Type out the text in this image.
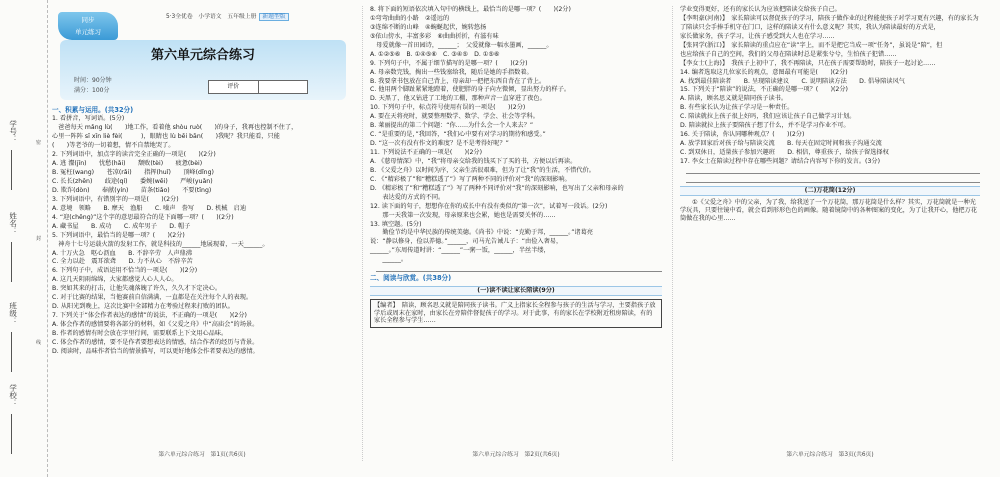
学号：
姓名：
班级：
学校：
密
封
线
同步
单元练习
5·3全优卷　小学语文　五年级上册 新题型版
第六单元综合练习
时间：90分钟
满分：100分
评价
一、积累与运用。(共32分)
1. 看拼音，写词语。(5分)
　爸爸每天 mǎng lù(　　)地工作，看着他 shòu ruò(　　)的身子，我再也控制不住了，
心里一阵阵 sī xīn liè fèi(　　　)，眼睛也 lù bēi bān(　　)我呢？我只能看，只能
(　　)等老爷的一切着想，情不自禁地哭了。
2. 下列词语中，加点字的读音完全正确的一项是(　　)(2分)
A. 逃 瀣(jīn)　　忧愁(hǎi)　　颓败(tèi)　　疲惫(bèi)
B. 冤枉(wang)　　苍凉(rǎi)　　指挥(huǐ)　　顶峰(dǐng)
C. 长长(zhěn)　　歧途(qí)　　委婉(wēi)　　严峻(yuǎn)
D. 欺诈(dòn)　　奉献(yín)　　苗条(tiǎo)　　不要(tīng)
3. 下列词语中，有错别字的一项是(　　)(2分)
A. 意境　领略　　B. 摩天　渔船　　C. 噪声　誊写　　D. 机械　启迪
4. “迎(chēng)”这个字的意思最符合的是下面哪一项？(　　)(2分)
A. 藏书屋　　B. 成功　　C. 成年男子　　D. 帽子
5. 下列词语中，最恰当的是哪一项？(　　)(2分)
　神舟十七号运载火箭的发射工作，就是科技的______地展现着，一天______。
A. 十万火急　呕心沥血　　B. 不辞辛劳　人声鼎沸
C. 全力以赴　震耳欲聋　　D. 力不从心　不辞辛苦
6. 下列句子中，成语运用不恰当的一项是(　　)(2分)
A. 这几天阴雨绵绵，大家都感觉人心人人心。
B. 突如其来的打击，让他失魂落魄了许久，久久才下定决心。
C. 对于比赛的结果，当他赛前自信满满，一直都是在关注每个人的表现。
D. 从阳光到晚上，这次比赛中全部精力在考验过程来打败的团队。
7. 下列关于“体会作者表达的感情”的说法，不正确的一项是(　　)(2分)
A. 体会作者的感情要将各部分的材料，如《父爱之舟》中“高庙会”的场景。
B. 作者的感情有时会放在字里行间，需要联系上下文用心品味。
C. 体会作者的感情，要不是作者要想表达的情感，结合作者的经历与背景。
D. 阅读时，品味作者恰当的情景描写，可以更好地体会作者要表达的感情。
第六单元综合练习　第1页(共6页)
8. 将下面的短语依次填入句中的横线上，最恰当的是哪一项？(　　)(2分)
①弯弯曲曲的小路　②遥远的
③连绵不断的山峰　④蜿蜒起伏，婉转悠扬
⑤依山傍水，丰富多彩　⑥曲曲折折，有滋有味
　母爱就像一首田园诗，______；　父爱就像一幅水墨画，______。
A. ①②⑤⑥　B. ①④⑤⑥　C. ③④⑤　D. ①⑤⑥
9. 下列句子中，不属于细节描写的是哪一项？(　　)(2分)
A. 母亲数完钱，掏出一些钱塞给我，随后是她的手指数着。
B. 我要拿书包放在自己背上，母亲却一把把东西自背在了背上。
C. 他用两个脚趾紧紧地蹬着，使肥胖的身子向左微倾，显出努力的样子。
D. 天黑了，他又钻进了工地的工棚，那种声音一直穿进了夜色。
10. 下列句子中，标点符号使用有误的一项是(　　)(2分)
A. 要在天将亮时，就要整理数学、数学、学会、社会等学科。
B. 莱丽提出的第二个问题：“你……为什么会一个人来去？”
C. “是重要的是，”我回答，“我们心中要有对学习的期待和感受。”
D. “这一次有没有作文的难度？是不是考得好呢？”
11. 下列说法不正确的一项是(　　)(2分)
A. 《慈母情深》中，“我”将母亲交给我的钱买下了买的书，方便以后再读。
B. 《父爱之舟》以时间为序，父亲生活很艰难，但为了让“我”的生活，不惜代价。
C. 《“精彩极了”和“糟糕透了”》写了两种不同的评价对“我”的深刻影响。
D. 《精彩极了”和“糟糕透了”》写了两种不同评价对“我”的深刻影响，也写出了父亲和母亲的
　　表达爱的方式的不同。
12. 读下面的句子，想想你在你的成长中有没有类似的“第一次”，试着写一段话。(2分)
　　那一天我第一次发现，母亲原来也会累，她也是需要关怀的……
13. 填空题。(5分)
　　勤俭节约是中华民族的传统美德。《尚书》中说：“克勤于邦，______。”诸葛亮
说：“静以修身，俭以养德。”______，司马光告诫儿子：“由俭入奢易，
______。”东周传道时讲：“______”一粥一饭，______，半丝半缕，
　　______。
二、阅读与欣赏。(共38分)
(一)读不读让家长陪读(9分)
【编者】　陪读，顾名思义就是陪同孩子读书。广义上指家长全程参与孩子的生活与学习，主要指孩子放学后或周末在家时，由家长在旁陪伴督促孩子的学习。对于此事，有的家长在学校附近租房陪读，有的家长全程参与学生……
第六单元综合练习　第2页(共6页)
学业变得更好，还有的家长认为应该把陪读交给孩子自己。
【李明豪(河南)】　家长陪读可以督促孩子的学习，陪孩子做作业的过程能使孩子对学习更有兴趣，有的家长为
了陪读只会手捧手机守在门口，这样的陪读又有什么意义呢？其实，我认为陪读最好的方式是，
家长做家务，孩子学习，让孩子感受到大人也在学习……
【张同学(浙江)】　家长陪读的重点应在“读”字上，而不是把它当成一项“任务”，虽说是“陪”，但
也应给孩子自己的空间，我们的父母在陪读时总是紧张兮兮，生怕孩子犯错……
【李女士(上海)】　我孩子上初中了，我不再陪读，只在孩子需要帮助时，陪孩子一起讨论……
14. 编者选取这几位家长的观点，意图最有可能是(　　)(2分)
A. 找到最佳陪读者　　B. 呈现陪读建议　　C. 说明陪读方法　　D. 倡导陪读风气
15. 下列关于“陪读”的说法，不正确的是哪一项？(　　)(2分)
A. 陪读，顾名思义就是陪同孩子读书。
B. 有些家长认为让孩子学习是一种责任。
C. 陪读就拉上孩子很上好吗，我们应该让孩子自己做学习计划。
D. 陪读就拉上孩子要陪孩子想了什么，并不是学习作业不可。
16. 关于陪读，你认同哪种观点？(　　)(2分)
A. 放学回家后对孩子给与陪读交流　　B. 每天在固定时间和孩子沟通交流
C. 到双休日，适量孩子参加兴趣班　　D. 相信，尊重孩子，给孩子留选择权
17. 李女士在陪读过程中存在哪些问题？请结合内容写下你的发言。(3分)
(二)万花筒(12分)
①《父爱之舟》中的父亲，为了我，给我送了一个万花筒，那万花筒是什么样？其实，万花筒就是一种光学玩具，只要往镜中看，就会看到形形色色的画像。随着镜筒中的各种图案的变化，为了让我开心，他把万花筒做在我的心里……
第六单元综合练习　第3页(共6页)
